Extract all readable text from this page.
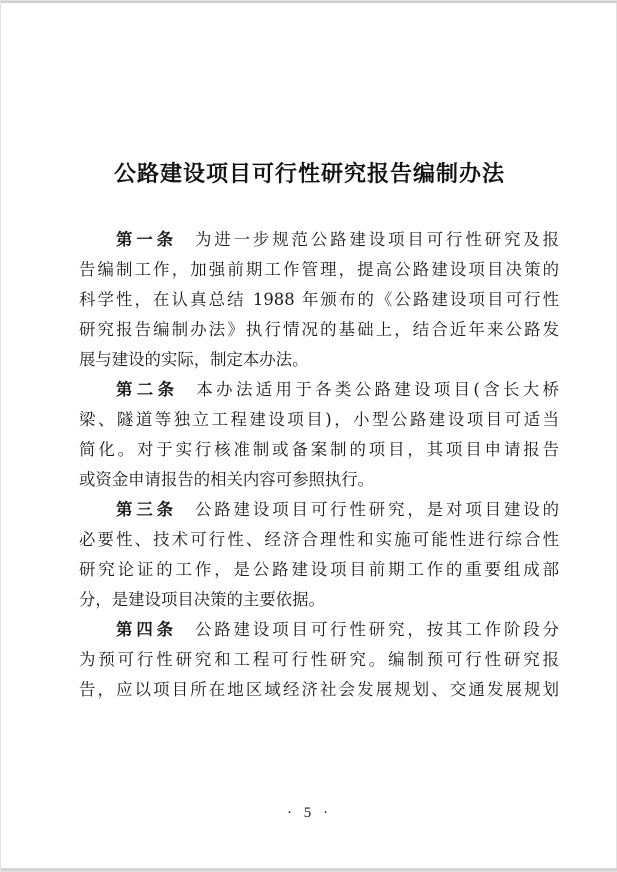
公路建设项目可行性研究报告编制办法
第一条 为进一步规范公路建设项目可行性研究及报
告编制工作，加强前期工作管理，提高公路建设项目决策的
科学性，在认真总结 1988 年颁布的《公路建设项目可行性
研究报告编制办法》执行情况的基础上，结合近年来公路发
展与建设的实际，制定本办法。
第二条 本办法适用于各类公路建设项目(含长大桥
梁、隧道等独立工程建设项目)，小型公路建设项目可适当
简化。对于实行核准制或备案制的项目，其项目申请报告
或资金申请报告的相关内容可参照执行。
第三条 公路建设项目可行性研究，是对项目建设的
必要性、技术可行性、经济合理性和实施可能性进行综合性
研究论证的工作，是公路建设项目前期工作的重要组成部
分，是建设项目决策的主要依据。
第四条 公路建设项目可行性研究，按其工作阶段分
为预可行性研究和工程可行性研究。编制预可行性研究报
告，应以项目所在地区域经济社会发展规划、交通发展规划
· 5 ·
